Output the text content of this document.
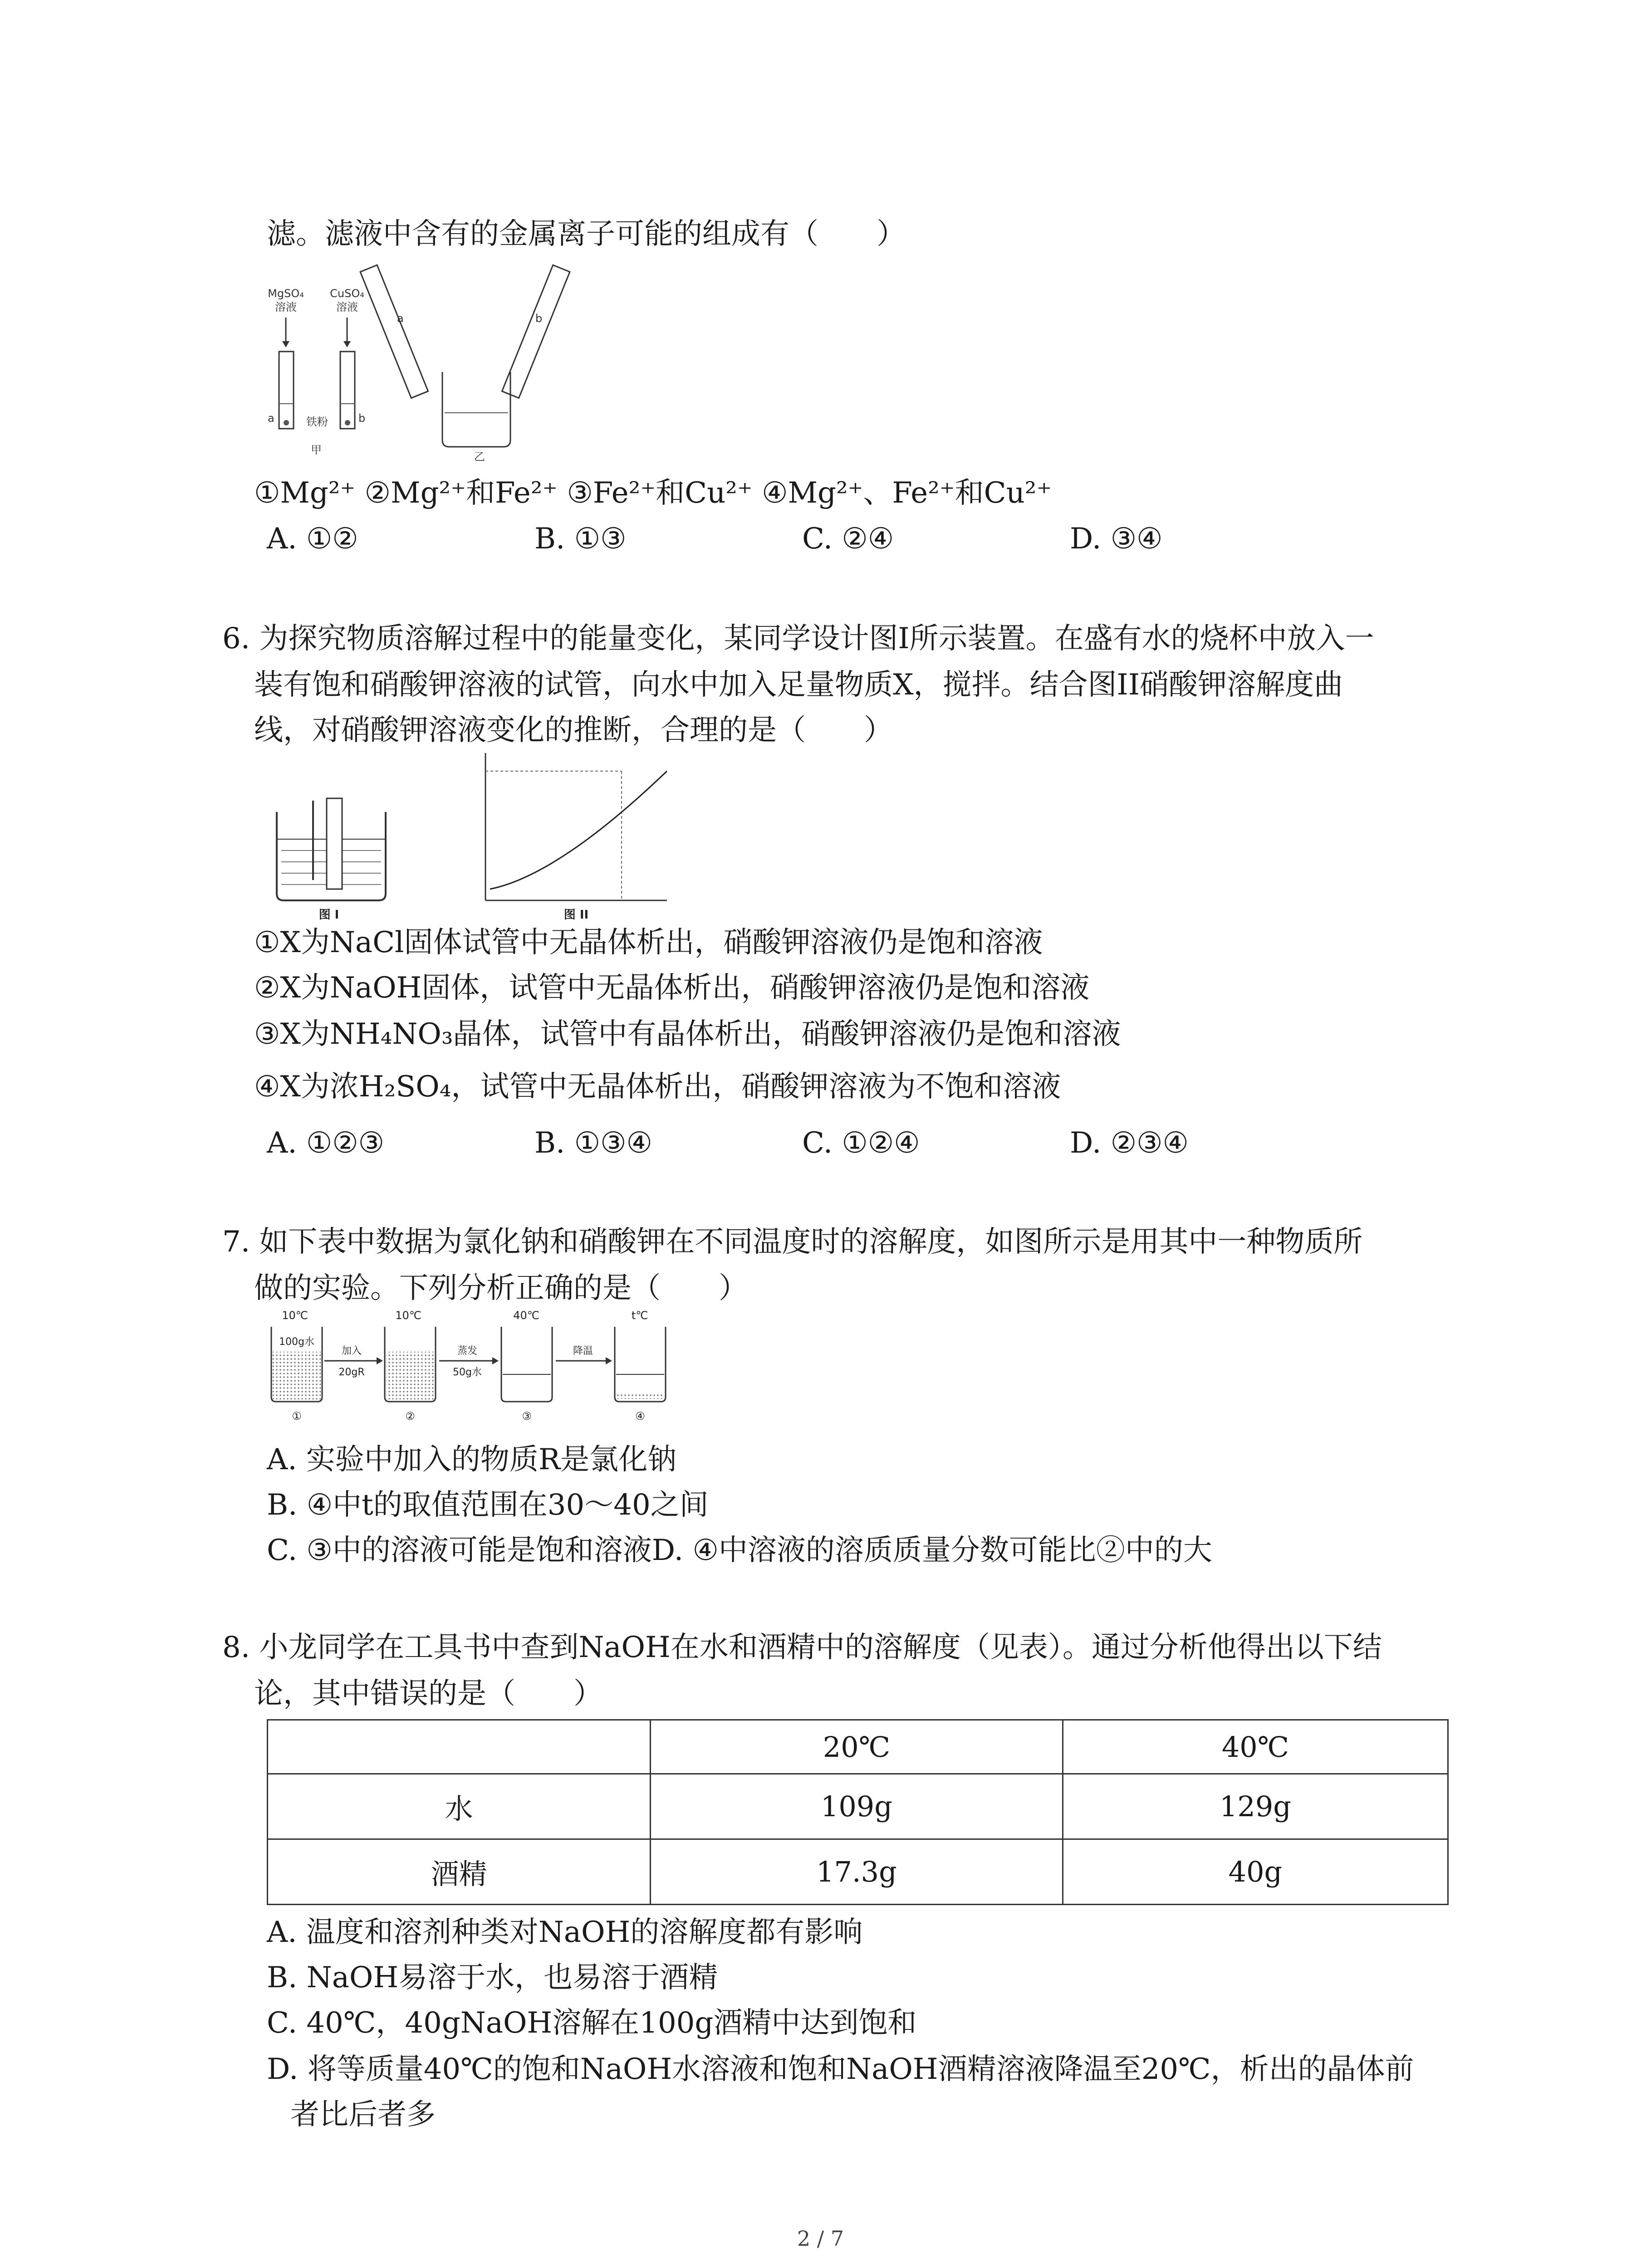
滤。滤液中含有的金属离子可能的组成有（　　）
MgSO₄
溶液
CuSO₄
溶液
a	b
铁粉
甲
a	b
乙
①Mg²⁺ ②Mg²⁺和Fe²⁺ ③Fe²⁺和Cu²⁺ ④Mg²⁺、Fe²⁺和Cu²⁺
A. ①②	B. ①③	C. ②④	D. ③④
6. 为探究物质溶解过程中的能量变化，某同学设计图I所示装置。在盛有水的烧杯中放入一
装有饱和硝酸钾溶液的试管，向水中加入足量物质X，搅拌。结合图II硝酸钾溶解度曲
线，对硝酸钾溶液变化的推断，合理的是（　　）
图 I	图 II
①X为NaCl固体试管中无晶体析出，硝酸钾溶液仍是饱和溶液
②X为NaOH固体，试管中无晶体析出，硝酸钾溶液仍是饱和溶液
③X为NH₄NO₃晶体，试管中有晶体析出，硝酸钾溶液仍是饱和溶液
④X为浓H₂SO₄，试管中无晶体析出，硝酸钾溶液为不饱和溶液
A. ①②③	B. ①③④	C. ①②④	D. ②③④
7. 如下表中数据为氯化钠和硝酸钾在不同温度时的溶解度，如图所示是用其中一种物质所
做的实验。下列分析正确的是（　　）
10℃	10℃	40℃	t℃
100g水
加入
20gR
蒸发
50g水
降温
①	②	③	④
A. 实验中加入的物质R是氯化钠
B. ④中t的取值范围在30～40之间
C. ③中的溶液可能是饱和溶液D. ④中溶液的溶质质量分数可能比②中的大
8. 小龙同学在工具书中查到NaOH在水和酒精中的溶解度（见表）。通过分析他得出以下结
论，其中错误的是（　　）
	20℃	40℃
水	109g	129g
酒精	17.3g	40g
A. 温度和溶剂种类对NaOH的溶解度都有影响
B. NaOH易溶于水，也易溶于酒精
C. 40℃，40gNaOH溶解在100g酒精中达到饱和
D. 将等质量40℃的饱和NaOH水溶液和饱和NaOH酒精溶液降温至20℃，析出的晶体前
者比后者多
2 / 7
